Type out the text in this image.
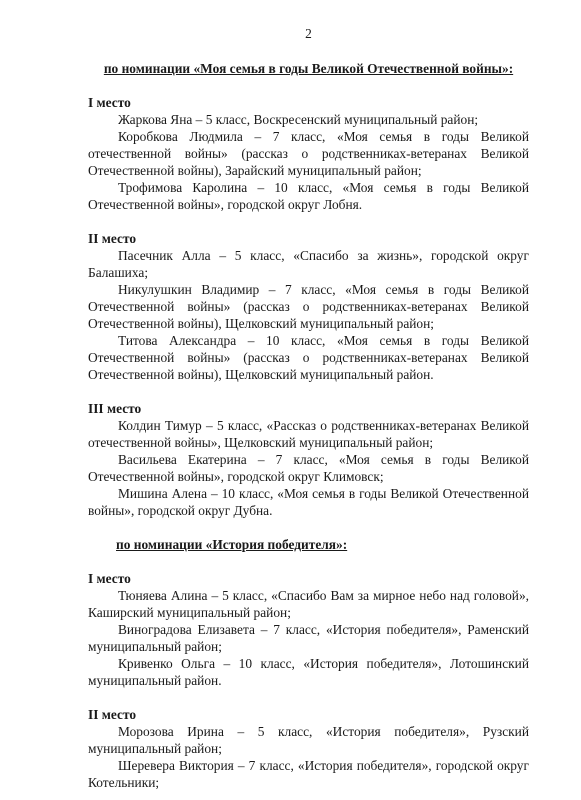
2
по номинации «Моя семья в годы Великой Отечественной войны»:
I место

Жаркова Яна – 5 класс, Воскресенский муниципальный район;

Коробкова Людмила – 7 класс, «Моя семья в годы Великой отечественной войны» (рассказ о родственниках-ветеранах Великой Отечественной войны), Зарайский муниципальный район;

Трофимова Каролина – 10 класс, «Моя семья в годы Великой Отечественной войны», городской округ Лобня.

II место

Пасечник Алла – 5 класс, «Спасибо за жизнь», городской округ Балашиха;

Никулушкин Владимир – 7 класс, «Моя семья в годы Великой Отечественной войны» (рассказ о родственниках-ветеранах Великой Отечественной войны), Щелковский муниципальный район;

Титова Александра – 10 класс, «Моя семья в годы Великой Отечественной войны» (рассказ о родственниках-ветеранах Великой Отечественной войны), Щелковский муниципальный район.

III место

Колдин Тимур – 5 класс, «Рассказ о родственниках-ветеранах Великой отечественной войны», Щелковский муниципальный район;

Васильева Екатерина – 7 класс, «Моя семья в годы Великой Отечественной войны», городской округ Климовск;

Мишина Алена – 10 класс, «Моя семья в годы Великой Отечественной войны», городской округ Дубна.

по номинации «История победителя»:
I место

Тюняева Алина – 5 класс, «Спасибо Вам за мирное небо над головой», Каширский муниципальный район;

Виноградова Елизавета – 7 класс, «История победителя», Раменский муниципальный район;

Кривенко Ольга – 10 класс, «История победителя», Лотошинский муниципальный район.

II место

Морозова Ирина – 5 класс, «История победителя», Рузский муниципальный район;

Шеревера Виктория – 7 класс, «История победителя», городской округ Котельники;
